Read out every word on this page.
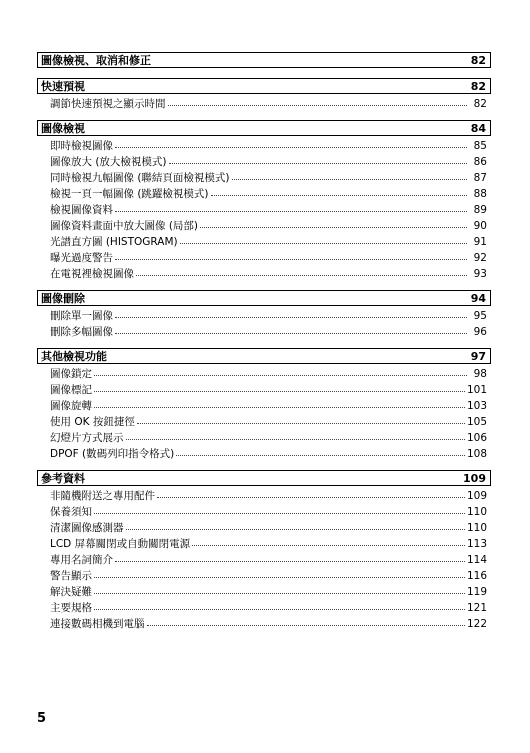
圖像檢視、取消和修正	82
快速預視	82
調節快速預視之顯示時間	82
圖像檢視	84
即時檢視圖像	85
圖像放大 (放大檢視模式)	86
同時檢視九幅圖像 (聯結頁面檢視模式)	87
檢視一頁一幅圖像 (跳躍檢視模式)	88
檢視圖像資料	89
圖像資料畫面中放大圖像 (局部)	90
光譜直方圖 (HISTOGRAM)	91
曝光過度警告	92
在電視裡檢視圖像	93
圖像刪除	94
刪除單一圖像	95
刪除多幅圖像	96
其他檢視功能	97
圖像鎖定	98
圖像標記	101
圖像旋轉	103
使用 OK 按鈕捷徑	105
幻燈片方式展示	106
DPOF (數碼列印指令格式)	108
參考資料	109
非隨機附送之專用配件	109
保養須知	110
清潔圖像感測器	110
LCD 屏幕關閉或自動關閉電源	113
專用名詞簡介	114
警告顯示	116
解決疑難	119
主要規格	121
連接數碼相機到電腦	122
5
